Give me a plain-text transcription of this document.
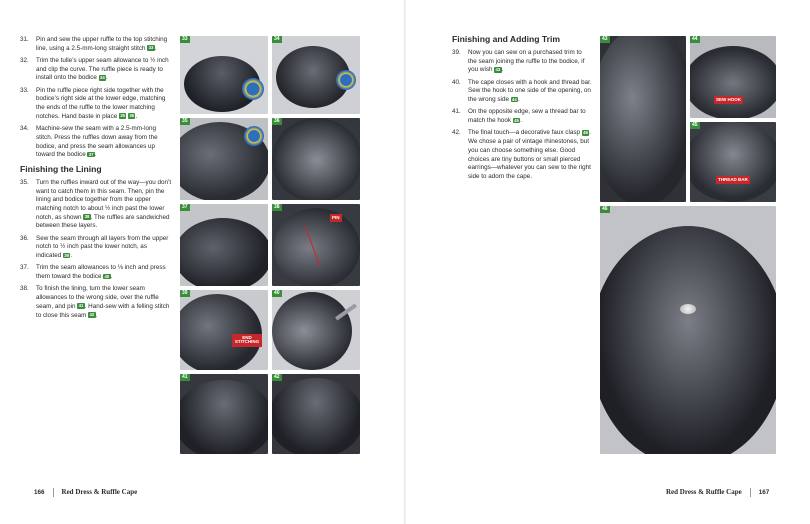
31. Pin and sew the upper ruffle to the top stitching line, using a 2.5-mm-long straight stitch 33.
32. Trim the tulle’s upper seam allowance to ½ inch and clip the curve. The ruffle piece is ready to install onto the bodice 34.
33. Pin the ruffle piece right side together with the bodice’s right side at the lower edge, matching the ends of the ruffle to the lower matching notches. Hand baste in place 35 36.
34. Machine-sew the seam with a 2.5-mm-long stitch. Press the ruffles down away from the bodice, and press the seam allowances up toward the bodice 37.
Finishing the Lining
35. Turn the ruffles inward out of the way—you don’t want to catch them in this seam. Then, pin the lining and bodice together from the upper matching notch to about ½ inch past the lower notch, as shown 38. The ruffles are sandwiched between these layers.
36. Sew the seam through all layers from the upper notch to ½ inch past the lower notch, as indicated 39.
37. Trim the seam allowances to ⅛ inch and press them toward the bodice 40.
38. To finish the lining, turn the lower seam allowances to the wrong side, over the ruffle seam, and pin 41. Hand-sew with a felling stitch to close this seam 42.
33	34
35	36
37
PIN
38
END STITCHING
39	40
41	42
Finishing and Adding Trim
39. Now you can sew on a purchased trim to the seam joining the ruffle to the bodice, if you wish 43.
40. The cape closes with a hook and thread bar. Sew the hook to one side of the opening, on the wrong side 44.
41. On the opposite edge, sew a thread bar to match the hook 45.
42. The final touch—a decorative faux clasp 46. We chose a pair of vintage rhinestones, but you can choose something else. Good choices are tiny buttons or small pierced earrings—whatever you can sew to the right side to adorn the cape.
43
SEW HOOK
44
THREAD BAR
45
46
166 Red Dress & Ruffle Cape	Red Dress & Ruffle Cape	167
